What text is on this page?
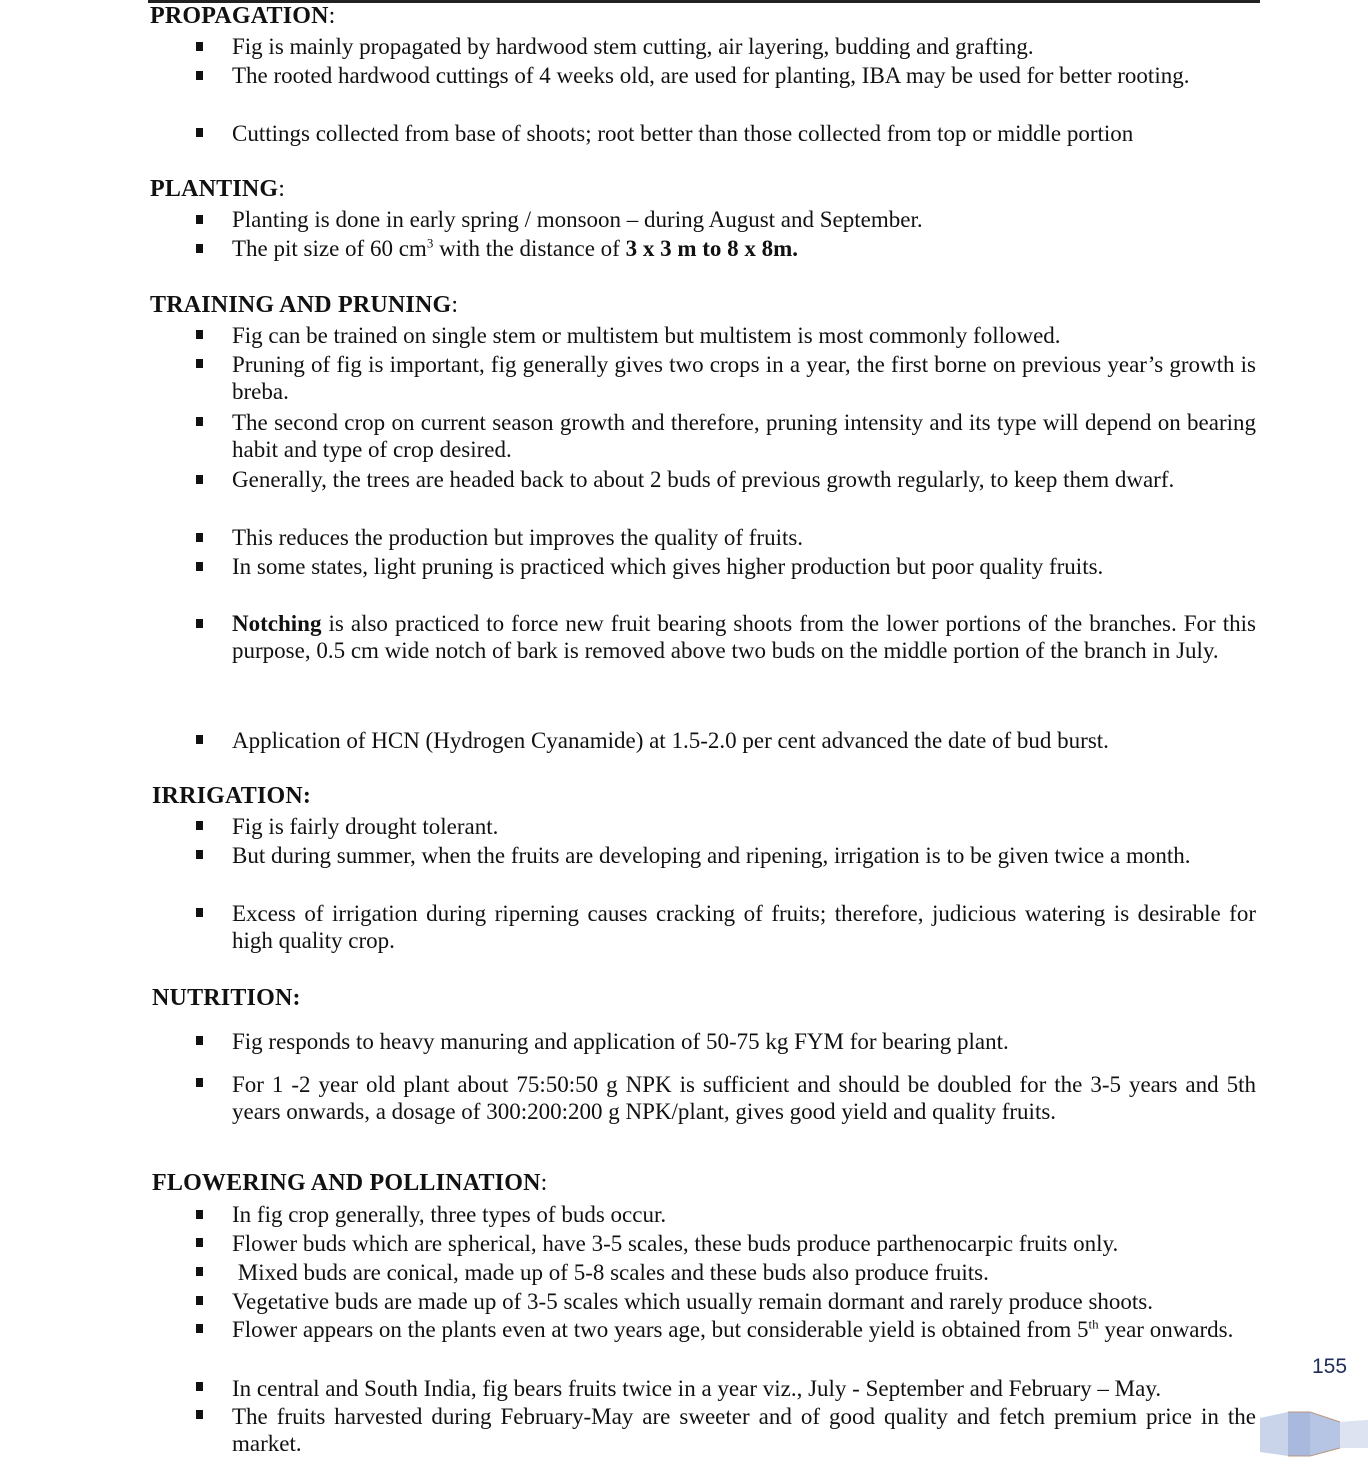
PROPAGATION:
Fig is mainly propagated by hardwood stem cutting, air layering, budding and grafting.
The rooted hardwood cuttings of 4 weeks old, are used for planting, IBA may be used for better rooting.
Cuttings collected from base of shoots; root better than those collected from top or middle portion
PLANTING:
Planting is done in early spring / monsoon – during August and September.
The pit size of 60 $cm^3$ with the distance of 3 x 3 m to 8 x 8m.
TRAINING AND PRUNING:
Fig can be trained on single stem or multistem but multistem is most commonly followed.
Pruning of fig is important, fig generally gives two crops in a year, the first borne on previous year’s growth is breba.
The second crop on current season growth and therefore, pruning intensity and its type will depend on bearing habit and type of crop desired.
Generally, the trees are headed back to about 2 buds of previous growth regularly, to keep them dwarf.
This reduces the production but improves the quality of fruits.
In some states, light pruning is practiced which gives higher production but poor quality fruits.
Notching is also practiced to force new fruit bearing shoots from the lower portions of the branches. For this purpose, 0.5 cm wide notch of bark is removed above two buds on the middle portion of the branch in July.
Application of HCN (Hydrogen Cyanamide) at 1.5-2.0 per cent advanced the date of bud burst.
IRRIGATION:
Fig is fairly drought tolerant.
But during summer, when the fruits are developing and ripening, irrigation is to be given twice a month.
Excess of irrigation during riperning causes cracking of fruits; therefore, judicious watering is desirable for high quality crop.
NUTRITION:
Fig responds to heavy manuring and application of 50-75 kg FYM for bearing plant.
For 1 -2 year old plant about 75:50:50 g NPK is sufficient and should be doubled for the 3-5 years and 5th years onwards, a dosage of 300:200:200 g NPK/plant, gives good yield and quality fruits.
FLOWERING AND POLLINATION:
In fig crop generally, three types of buds occur.
Flower buds which are spherical, have 3-5 scales, these buds produce parthenocarpic fruits only.
Mixed buds are conical, made up of 5-8 scales and these buds also produce fruits.
Vegetative buds are made up of 3-5 scales which usually remain dormant and rarely produce shoots.
Flower appears on the plants even at two years age, but considerable yield is obtained from 5th year onwards.
In central and South India, fig bears fruits twice in a year viz., July - September and February – May.
The fruits harvested during February-May are sweeter and of good quality and fetch premium price in the market.
155
